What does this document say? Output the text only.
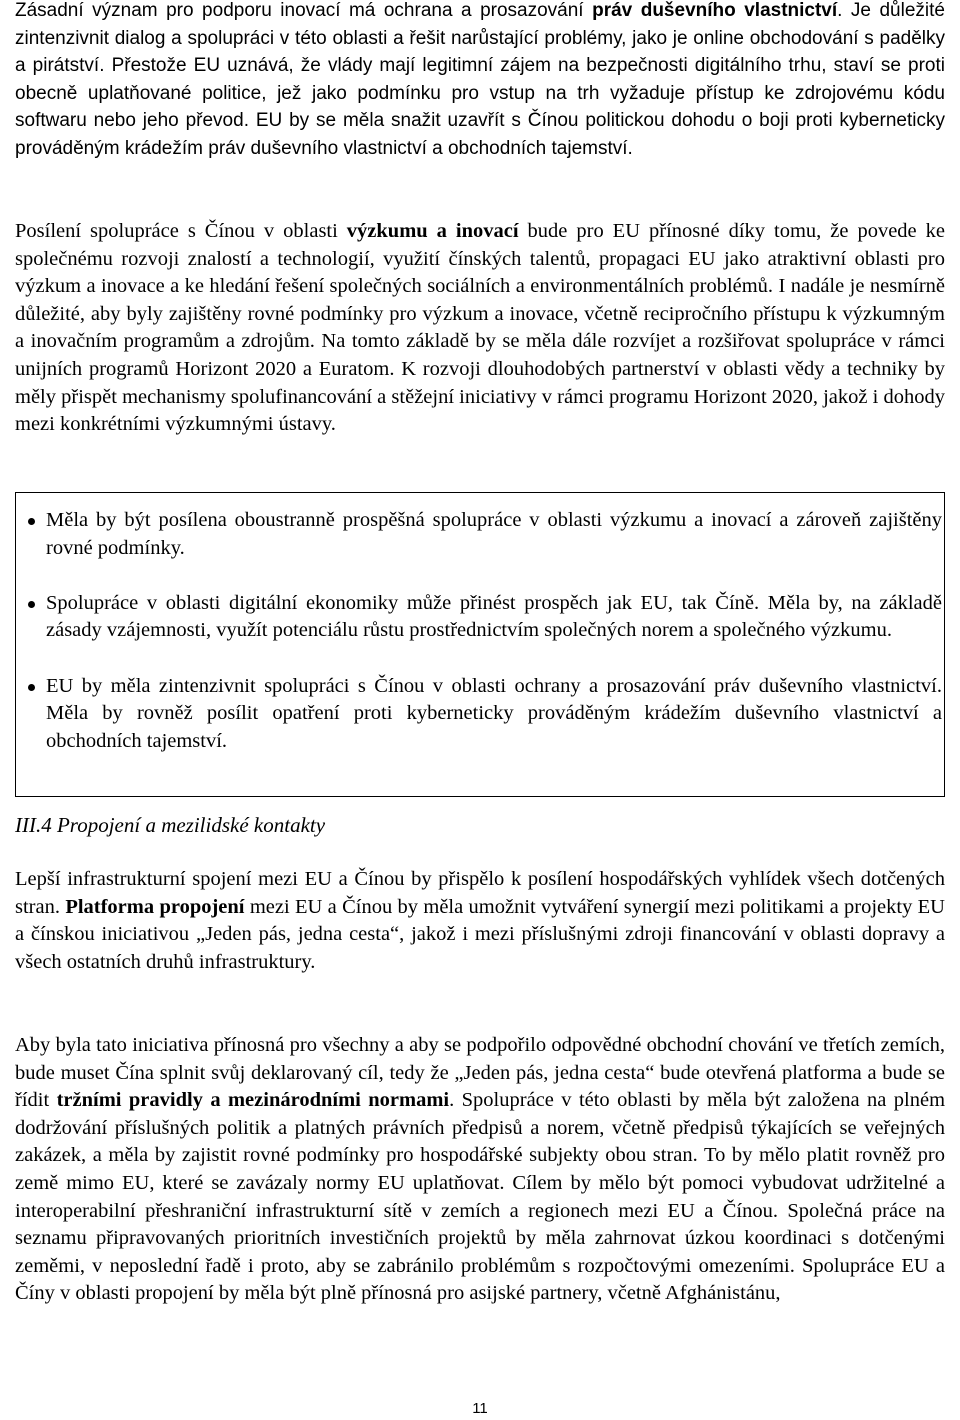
Zásadní význam pro podporu inovací má ochrana a prosazování práv duševního vlastnictví. Je důležité zintenzivnit dialog a spolupráci v této oblasti a řešit narůstající problémy, jako je online obchodování s padělky a pirátství. Přestože EU uznává, že vlády mají legitimní zájem na bezpečnosti digitálního trhu, staví se proti obecně uplatňované politice, jež jako podmínku pro vstup na trh vyžaduje přístup ke zdrojovému kódu softwaru nebo jeho převod. EU by se měla snažit uzavřít s Čínou politickou dohodu o boji proti kyberneticky prováděným krádežím práv duševního vlastnictví a obchodních tajemství.

Posílení spolupráce s Čínou v oblasti výzkumu a inovací bude pro EU přínosné díky tomu, že povede ke společnému rozvoji znalostí a technologií, využití čínských talentů, propagaci EU jako atraktivní oblasti pro výzkum a inovace a ke hledání řešení společných sociálních a environmentálních problémů. I nadále je nesmírně důležité, aby byly zajištěny rovné podmínky pro výzkum a inovace, včetně recipročního přístupu k výzkumným a inovačním programům a zdrojům. Na tomto základě by se měla dále rozvíjet a rozšiřovat spolupráce v rámci unijních programů Horizont 2020 a Euratom. K rozvoji dlouhodobých partnerství v oblasti vědy a techniky by měly přispět mechanismy spolufinancování a stěžejní iniciativy v rámci programu Horizont 2020, jakož i dohody mezi konkrétními výzkumnými ústavy.

Měla by být posílena oboustranně prospěšná spolupráce v oblasti výzkumu a inovací a zároveň zajištěny rovné podmínky.

Spolupráce v oblasti digitální ekonomiky může přinést prospěch jak EU, tak Číně. Měla by, na základě zásady vzájemnosti, využít potenciálu růstu prostřednictvím společných norem a společného výzkumu.

EU by měla zintenzivnit spolupráci s Čínou v oblasti ochrany a prosazování práv duševního vlastnictví. Měla by rovněž posílit opatření proti kyberneticky prováděným krádežím duševního vlastnictví a obchodních tajemství.

III.4 Propojení a mezilidské kontakty

Lepší infrastrukturní spojení mezi EU a Čínou by přispělo k posílení hospodářských vyhlídek všech dotčených stran. Platforma propojení mezi EU a Čínou by měla umožnit vytváření synergií mezi politikami a projekty EU a čínskou iniciativou „Jeden pás, jedna cesta“, jakož i mezi příslušnými zdroji financování v oblasti dopravy a všech ostatních druhů infrastruktury.

Aby byla tato iniciativa přínosná pro všechny a aby se podpořilo odpovědné obchodní chování ve třetích zemích, bude muset Čína splnit svůj deklarovaný cíl, tedy že „Jeden pás, jedna cesta“ bude otevřená platforma a bude se řídit tržními pravidly a mezinárodními normami. Spolupráce v této oblasti by měla být založena na plném dodržování příslušných politik a platných právních předpisů a norem, včetně předpisů týkajících se veřejných zakázek, a měla by zajistit rovné podmínky pro hospodářské subjekty obou stran. To by mělo platit rovněž pro země mimo EU, které se zavázaly normy EU uplatňovat. Cílem by mělo být pomoci vybudovat udržitelné a interoperabilní přeshraniční infrastrukturní sítě v zemích a regionech mezi EU a Čínou. Společná práce na seznamu připravovaných prioritních investičních projektů by měla zahrnovat úzkou koordinaci s dotčenými zeměmi, v neposlední řadě i proto, aby se zabránilo problémům s rozpočtovými omezeními. Spolupráce EU a Číny v oblasti propojení by měla být plně přínosná pro asijské partnery, včetně Afghánistánu,

11
